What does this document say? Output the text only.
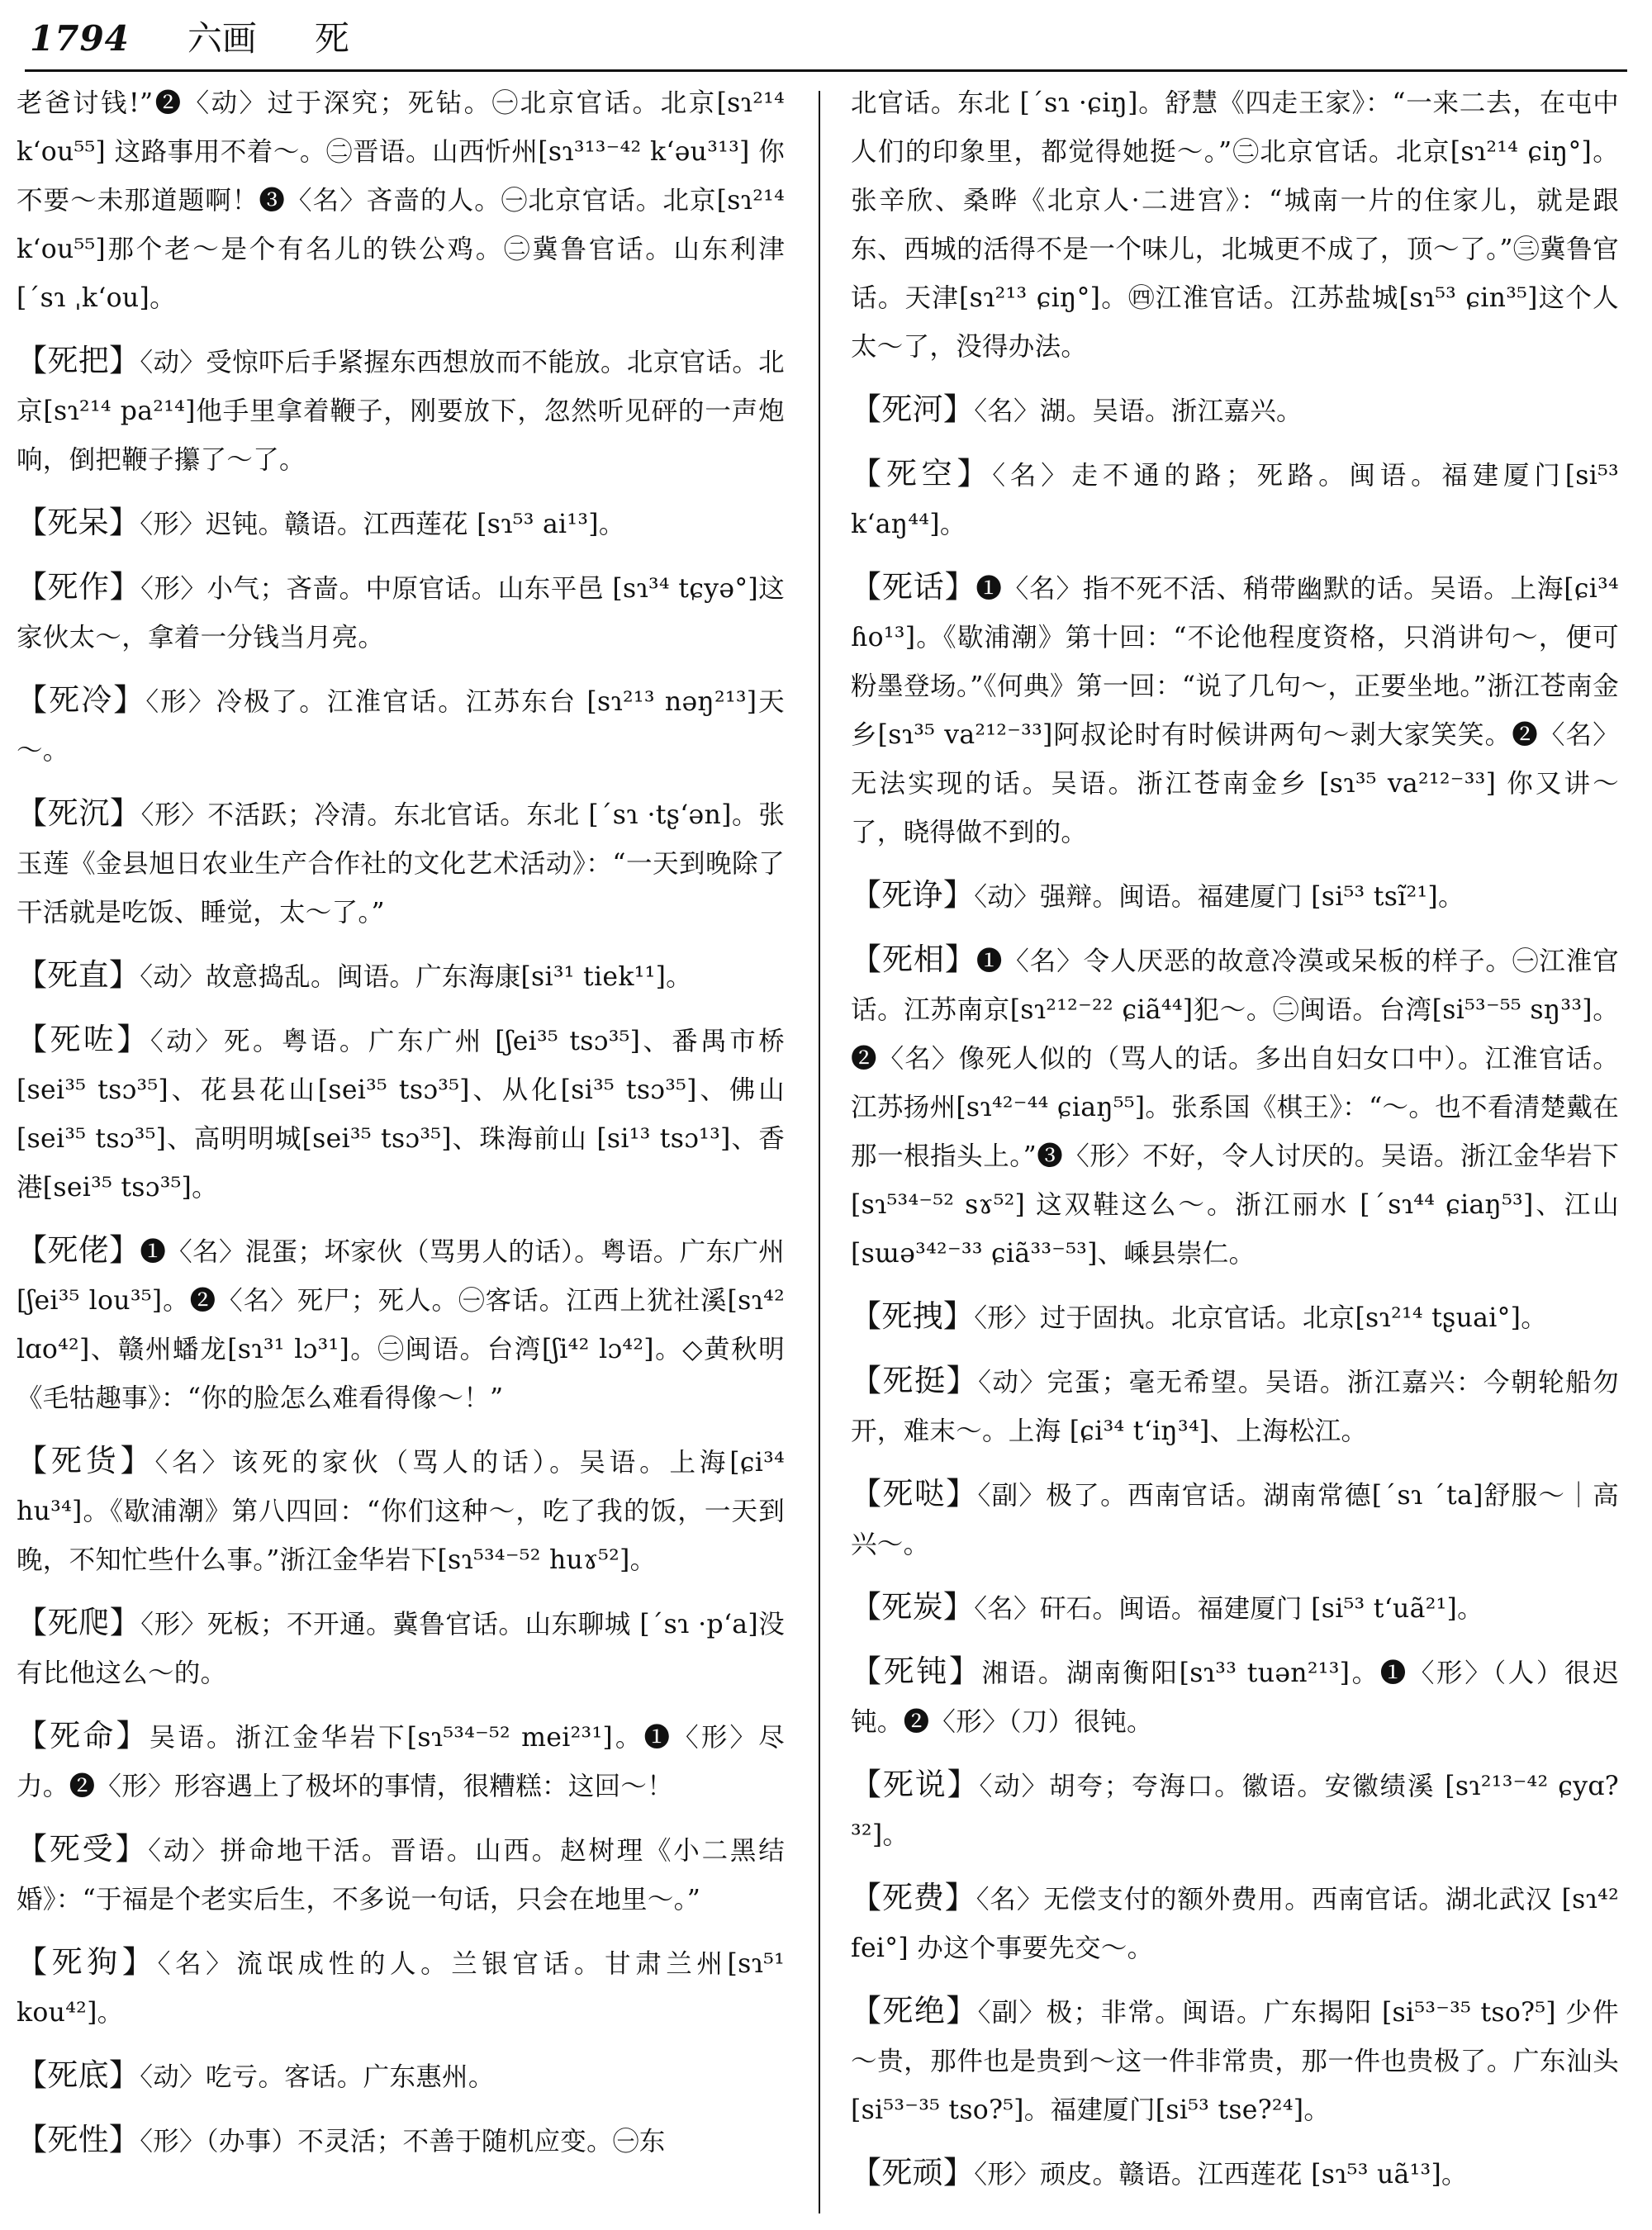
1794 六画 死
老爸讨钱!”❷〈动〉过于深究；死钻。㊀北京官话。北京[sɿ²¹⁴ kʻou⁵⁵] 这路事用不着～。㊁晋语。山西忻州[sɿ³¹³⁻⁴² kʻəu³¹³] 你不要～未那道题啊！❸〈名〉吝啬的人。㊀北京官话。北京[sɿ²¹⁴ kʻou⁵⁵]那个老～是个有名儿的铁公鸡。㊁冀鲁官话。山东利津[ˊsɿ ˌkʻou]。
【死把】〈动〉受惊吓后手紧握东西想放而不能放。北京官话。北京[sɿ²¹⁴ pa²¹⁴]他手里拿着鞭子，刚要放下，忽然听见砰的一声炮响，倒把鞭子攥了～了。
【死呆】〈形〉迟钝。赣语。江西莲花 [sɿ⁵³ ai¹³]。
【死作】〈形〉小气；吝啬。中原官话。山东平邑 [sɿ³⁴ tɕyə°]这家伙太～，拿着一分钱当月亮。
【死冷】〈形〉冷极了。江淮官话。江苏东台 [sɿ²¹³ nəŋ²¹³]天～。
【死沉】〈形〉不活跃；冷清。东北官话。东北 [ˊsɿ ·tʂʻən]。张玉莲《金县旭日农业生产合作社的文化艺术活动》：“一天到晚除了干活就是吃饭、睡觉，太～了。”
【死直】〈动〉故意捣乱。闽语。广东海康[si³¹ tiek¹¹]。
【死咗】〈动〉死。粤语。广东广州 [ʃei³⁵ tsɔ³⁵]、番禺市桥[sei³⁵ tsɔ³⁵]、花县花山[sei³⁵ tsɔ³⁵]、从化[si³⁵ tsɔ³⁵]、佛山[sei³⁵ tsɔ³⁵]、高明明城[sei³⁵ tsɔ³⁵]、珠海前山 [si¹³ tsɔ¹³]、香港[sei³⁵ tsɔ³⁵]。
【死佬】❶〈名〉混蛋；坏家伙（骂男人的话）。粤语。广东广州[ʃei³⁵ lou³⁵]。❷〈名〉死尸；死人。㊀客话。江西上犹社溪[sɿ⁴² lɑo⁴²]、赣州蟠龙[sɿ³¹ lɔ³¹]。㊁闽语。台湾[ʃi⁴² lɔ⁴²]。◇黄秋明《毛牯趣事》：“你的脸怎么难看得像～！”
【死货】〈名〉该死的家伙（骂人的话）。吴语。上海[ɕi³⁴ hu³⁴]。《歇浦潮》第八四回：“你们这种～，吃了我的饭，一天到晚，不知忙些什么事。”浙江金华岩下[sɿ⁵³⁴⁻⁵² huɤ⁵²]。
【死爬】〈形〉死板；不开通。冀鲁官话。山东聊城 [ˊsɿ ·pʻa]没有比他这么～的。
【死命】吴语。浙江金华岩下[sɿ⁵³⁴⁻⁵² mei²³¹]。❶〈形〉尽力。❷〈形〉形容遇上了极坏的事情，很糟糕：这回～！
【死受】〈动〉拼命地干活。晋语。山西。赵树理《小二黑结婚》：“于福是个老实后生，不多说一句话，只会在地里～。”
【死狗】〈名〉流氓成性的人。兰银官话。甘肃兰州[sɿ⁵¹ kou⁴²]。
【死底】〈动〉吃亏。客话。广东惠州。
【死性】〈形〉（办事）不灵活；不善于随机应变。㊀东
北官话。东北 [ˊsɿ ·ɕiŋ]。舒慧《四走王家》：“一来二去，在屯中人们的印象里，都觉得她挺～。”㊁北京官话。北京[sɿ²¹⁴ ɕiŋ°]。张辛欣、桑晔《北京人·二进宫》：“城南一片的住家儿，就是跟东、西城的活得不是一个味儿，北城更不成了，顶～了。”㊂冀鲁官话。天津[sɿ²¹³ ɕiŋ°]。㊃江淮官话。江苏盐城[sɿ⁵³ ɕin³⁵]这个人太～了，没得办法。
【死河】〈名〉湖。吴语。浙江嘉兴。
【死空】〈名〉走不通的路；死路。闽语。福建厦门[si⁵³ kʻaŋ⁴⁴]。
【死话】❶〈名〉指不死不活、稍带幽默的话。吴语。上海[ɕi³⁴ ɦo¹³]。《歇浦潮》第十回：“不论他程度资格，只消讲句～，便可粉墨登场。”《何典》第一回：“说了几句～，正要坐地。”浙江苍南金乡[sɿ³⁵ va²¹²⁻³³]阿叔论时有时候讲两句～剥大家笑笑。❷〈名〉无法实现的话。吴语。浙江苍南金乡 [sɿ³⁵ va²¹²⁻³³] 你又讲～了，晓得做不到的。
【死诤】〈动〉强辩。闽语。福建厦门 [si⁵³ tsĩ²¹]。
【死相】❶〈名〉令人厌恶的故意冷漠或呆板的样子。㊀江淮官话。江苏南京[sɿ²¹²⁻²² ɕiã⁴⁴]犯～。㊁闽语。台湾[si⁵³⁻⁵⁵ sŋ³³]。❷〈名〉像死人似的（骂人的话。多出自妇女口中）。江淮官话。江苏扬州[sɿ⁴²⁻⁴⁴ ɕiaŋ⁵⁵]。张系国《棋王》：“～。也不看清楚戴在那一根指头上。”❸〈形〉不好，令人讨厌的。吴语。浙江金华岩下[sɿ⁵³⁴⁻⁵² sɤ⁵²] 这双鞋这么～。浙江丽水 [ˊsɿ⁴⁴ ɕiaŋ⁵³]、江山[sɯə³⁴²⁻³³ ɕiã³³⁻⁵³]、嵊县崇仁。
【死拽】〈形〉过于固执。北京官话。北京[sɿ²¹⁴ tʂuai°]。
【死挺】〈动〉完蛋；毫无希望。吴语。浙江嘉兴：今朝轮船勿开，难末～。上海 [ɕi³⁴ tʻiŋ³⁴]、上海松江。
【死哒】〈副〉极了。西南官话。湖南常德[ˊsɿ ˊta]舒服～｜高兴～。
【死炭】〈名〉矸石。闽语。福建厦门 [si⁵³ tʻuã²¹]。
【死钝】湘语。湖南衡阳[sɿ³³ tuən²¹³]。❶〈形〉（人）很迟钝。❷〈形〉（刀）很钝。
【死说】〈动〉胡夸；夸海口。徽语。安徽绩溪 [sɿ²¹³⁻⁴² ɕyɑ?³²]。
【死费】〈名〉无偿支付的额外费用。西南官话。湖北武汉 [sɿ⁴² fei°] 办这个事要先交～。
【死绝】〈副〉极；非常。闽语。广东揭阳 [si⁵³⁻³⁵ tso?⁵] 少件～贵，那件也是贵到～这一件非常贵，那一件也贵极了。广东汕头[si⁵³⁻³⁵ tso?⁵]。福建厦门[si⁵³ tse?²⁴]。
【死顽】〈形〉顽皮。赣语。江西莲花 [sɿ⁵³ uã¹³]。
